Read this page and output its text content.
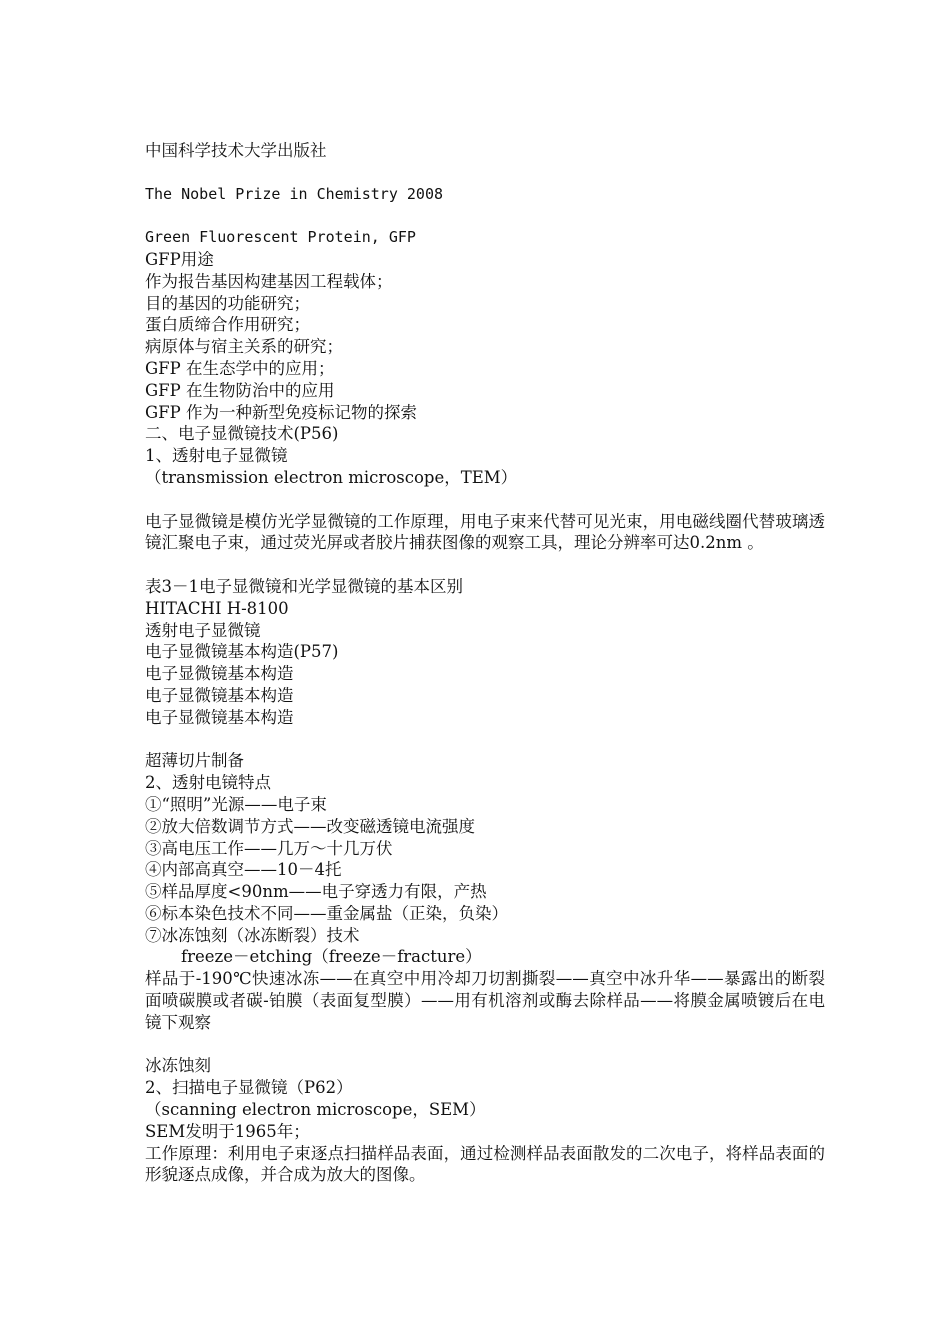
中国科学技术大学出版社
The Nobel Prize in Chemistry 2008
Green Fluorescent Protein, GFP
GFP用途
作为报告基因构建基因工程载体；
目的基因的功能研究；
蛋白质缔合作用研究；
病原体与宿主关系的研究；
GFP 在生态学中的应用；
GFP 在生物防治中的应用
GFP 作为一种新型免疫标记物的探索
二、电子显微镜技术(P56)
1、透射电子显微镜
（transmission electron microscope，TEM）
电子显微镜是模仿光学显微镜的工作原理，用电子束来代替可见光束，用电磁线圈代替玻璃透镜汇聚电子束，通过荧光屏或者胶片捕获图像的观察工具，理论分辨率可达0.2nm 。
表3－1电子显微镜和光学显微镜的基本区别
HITACHI H-8100
透射电子显微镜
电子显微镜基本构造(P57)
电子显微镜基本构造
电子显微镜基本构造
电子显微镜基本构造
超薄切片制备
2、透射电镜特点
①“照明”光源——电子束
②放大倍数调节方式——改变磁透镜电流强度
③高电压工作——几万～十几万伏
④内部高真空——10－4托
⑤样品厚度<90nm——电子穿透力有限，产热
⑥标本染色技术不同——重金属盐（正染，负染）
⑦冰冻蚀刻（冰冻断裂）技术
freeze－etching（freeze－fracture）
样品于-190℃快速冰冻——在真空中用冷却刀切割撕裂——真空中冰升华——暴露出的断裂面喷碳膜或者碳-铂膜（表面复型膜）——用有机溶剂或酶去除样品——将膜金属喷镀后在电镜下观察
冰冻蚀刻
2、扫描电子显微镜（P62）
（scanning electron microscope，SEM）
SEM发明于1965年；
工作原理：利用电子束逐点扫描样品表面，通过检测样品表面散发的二次电子，将样品表面的形貌逐点成像，并合成为放大的图像。
